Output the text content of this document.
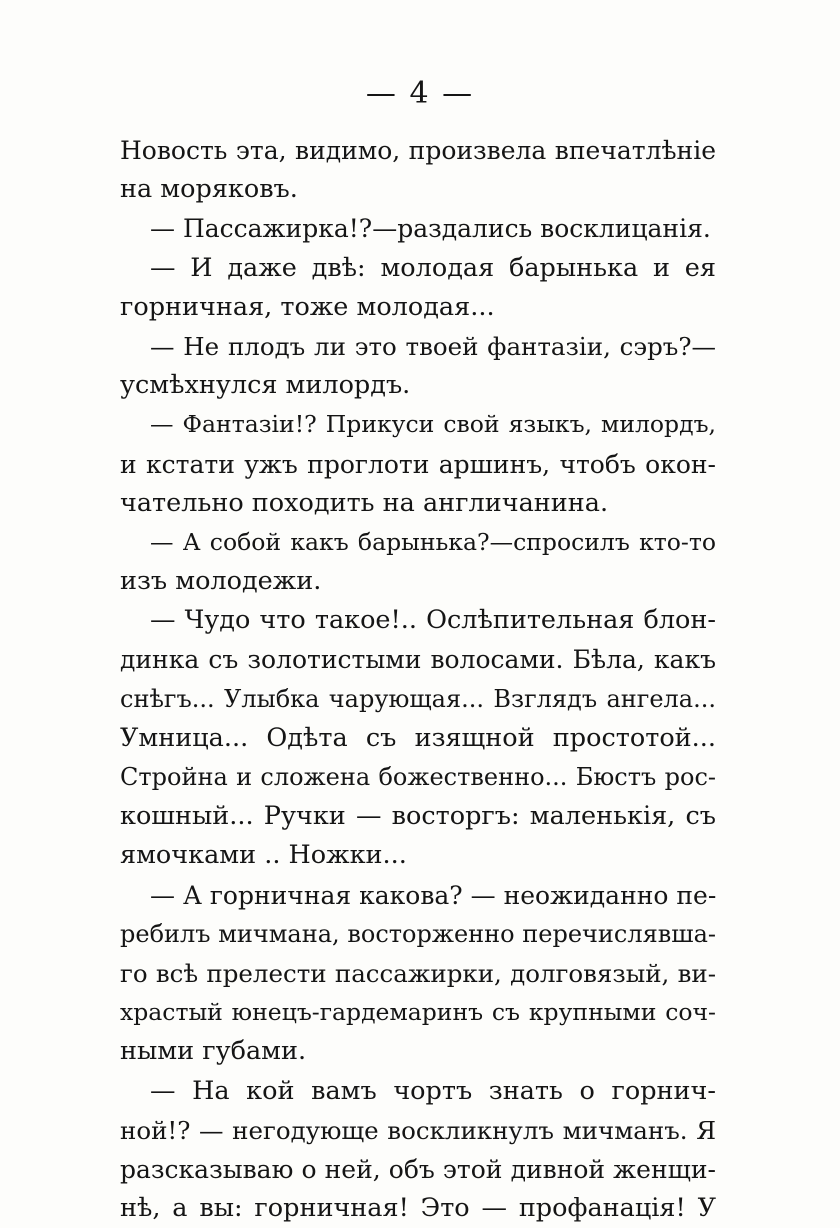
— 4 —
Новость эта, видимо, произвела впечатлѣніе
на моряковъ.
— Пассажирка!?—раздались восклицанія.
— И даже двѣ: молодая барынька и ея
горничная, тоже молодая...
— Не плодъ ли это твоей фантазіи, сэръ?—
усмѣхнулся милордъ.
— Фантазіи!? Прикуси свой языкъ, милордъ,
и кстати ужъ проглоти аршинъ, чтобъ окон-
чательно походить на англичанина.
— А собой какъ барынька?—спросилъ кто-то
изъ молодежи.
— Чудо что такое!.. Ослѣпительная блон-
динка съ золотистыми волосами. Бѣла, какъ
снѣгъ... Улыбка чарующая... Взглядъ ангела...
Умница... Одѣта съ изящной простотой...
Стройна и сложена божественно... Бюстъ рос-
кошный... Ручки — восторгъ: маленькія, съ
ямочками .. Ножки...
— А горничная какова? — неожиданно пе-
ребилъ мичмана, восторженно перечислявша-
го всѣ прелести пассажирки, долговязый, ви-
храстый юнецъ-гардемаринъ съ крупными соч-
ными губами.
— На кой вамъ чортъ знать о горнич-
ной!? — негодующе воскликнулъ мичманъ. Я
разсказываю о ней, объ этой дивной женщи-
нѣ, а вы: горничная! Это — профанація! У
